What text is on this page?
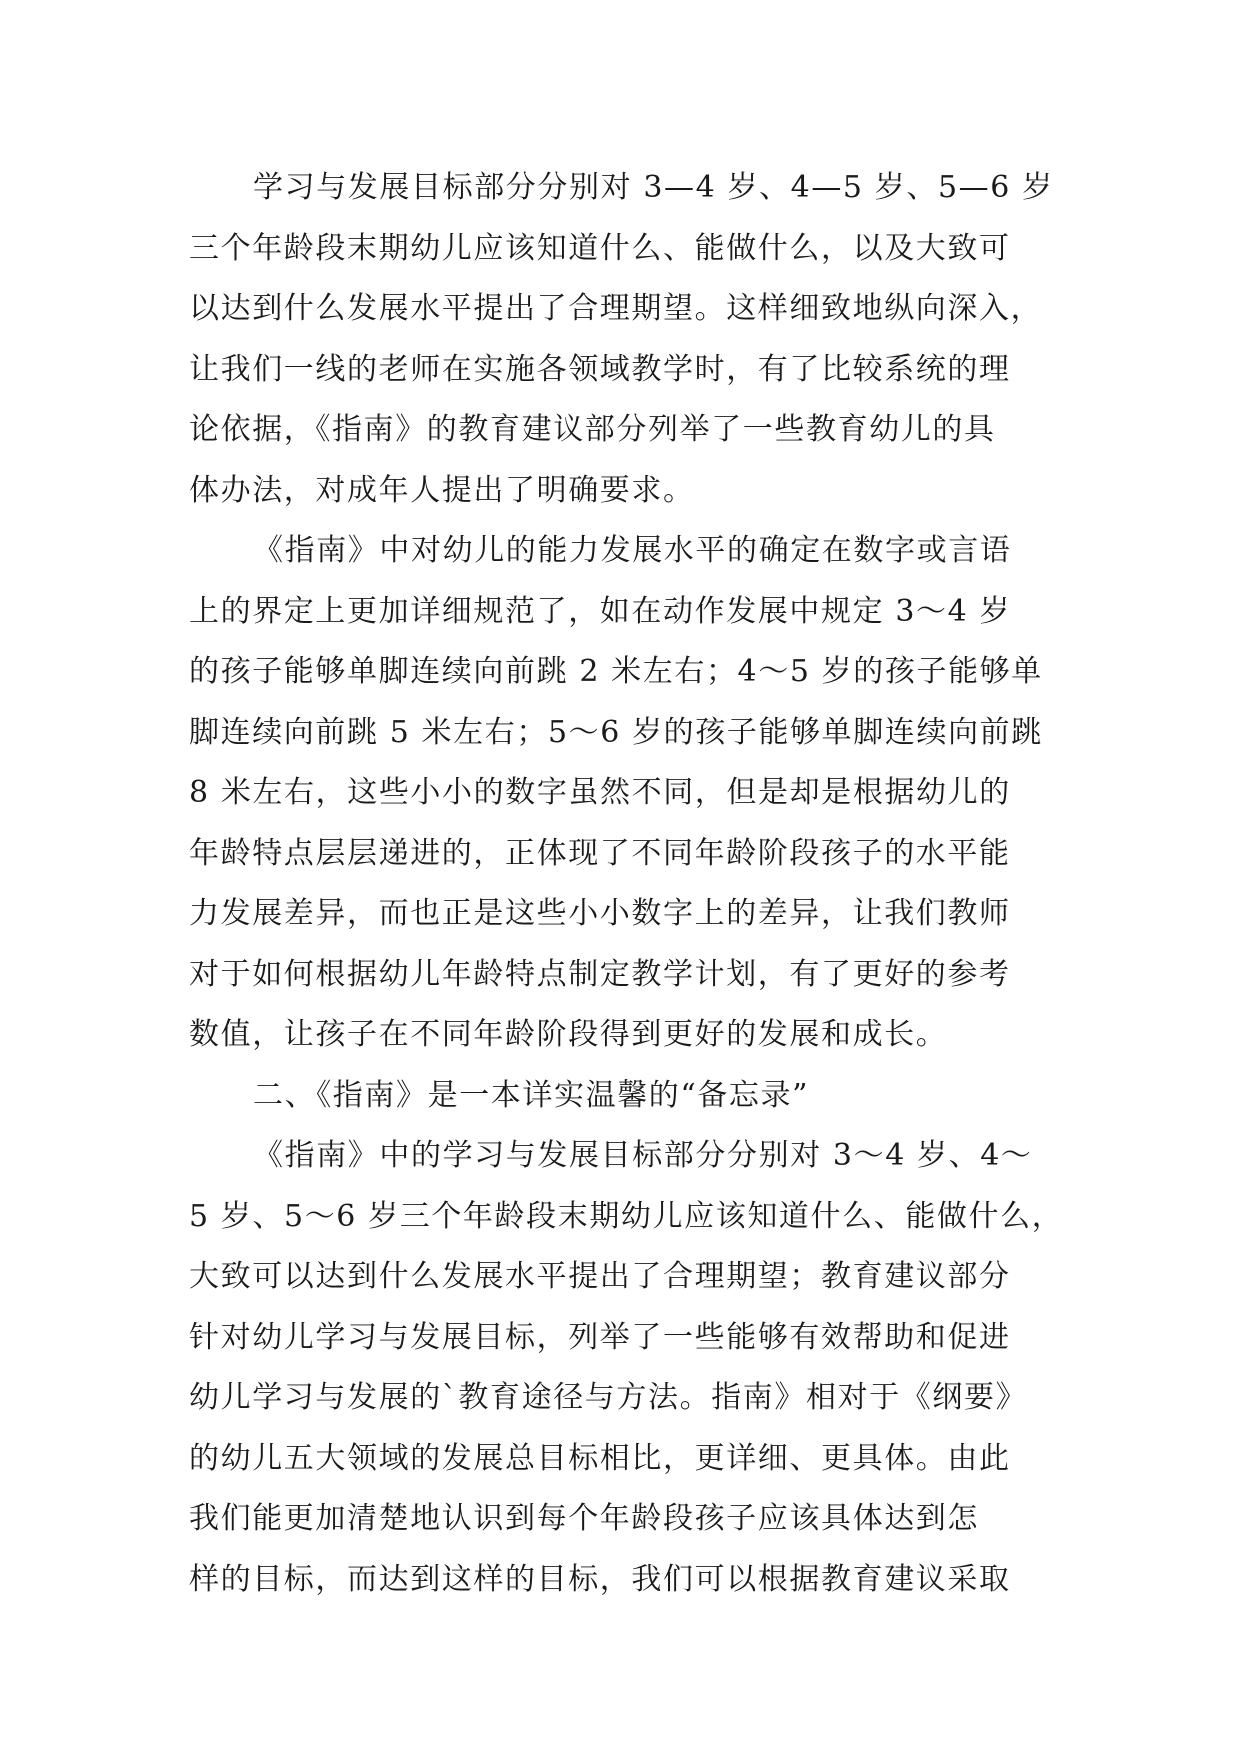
学习与发展目标部分分别对 3—4 岁、4—5 岁、5—6 岁
三个年龄段末期幼儿应该知道什么、能做什么，以及大致可
以达到什么发展水平提出了合理期望。这样细致地纵向深入，
让我们一线的老师在实施各领域教学时，有了比较系统的理
论依据，《指南》的教育建议部分列举了一些教育幼儿的具
体办法，对成年人提出了明确要求。
《指南》中对幼儿的能力发展水平的确定在数字或言语
上的界定上更加详细规范了，如在动作发展中规定 3～4 岁
的孩子能够单脚连续向前跳 2 米左右；4～5 岁的孩子能够单
脚连续向前跳 5 米左右；5～6 岁的孩子能够单脚连续向前跳
8 米左右，这些小小的数字虽然不同，但是却是根据幼儿的
年龄特点层层递进的，正体现了不同年龄阶段孩子的水平能
力发展差异，而也正是这些小小数字上的差异，让我们教师
对于如何根据幼儿年龄特点制定教学计划，有了更好的参考
数值，让孩子在不同年龄阶段得到更好的发展和成长。
二、《指南》是一本详实温馨的“备忘录”
《指南》中的学习与发展目标部分分别对 3～4 岁、4～
5 岁、5～6 岁三个年龄段末期幼儿应该知道什么、能做什么，
大致可以达到什么发展水平提出了合理期望；教育建议部分
针对幼儿学习与发展目标，列举了一些能够有效帮助和促进
幼儿学习与发展的`教育途径与方法。指南》相对于《纲要》
的幼儿五大领域的发展总目标相比，更详细、更具体。由此
我们能更加清楚地认识到每个年龄段孩子应该具体达到怎
样的目标，而达到这样的目标，我们可以根据教育建议采取
